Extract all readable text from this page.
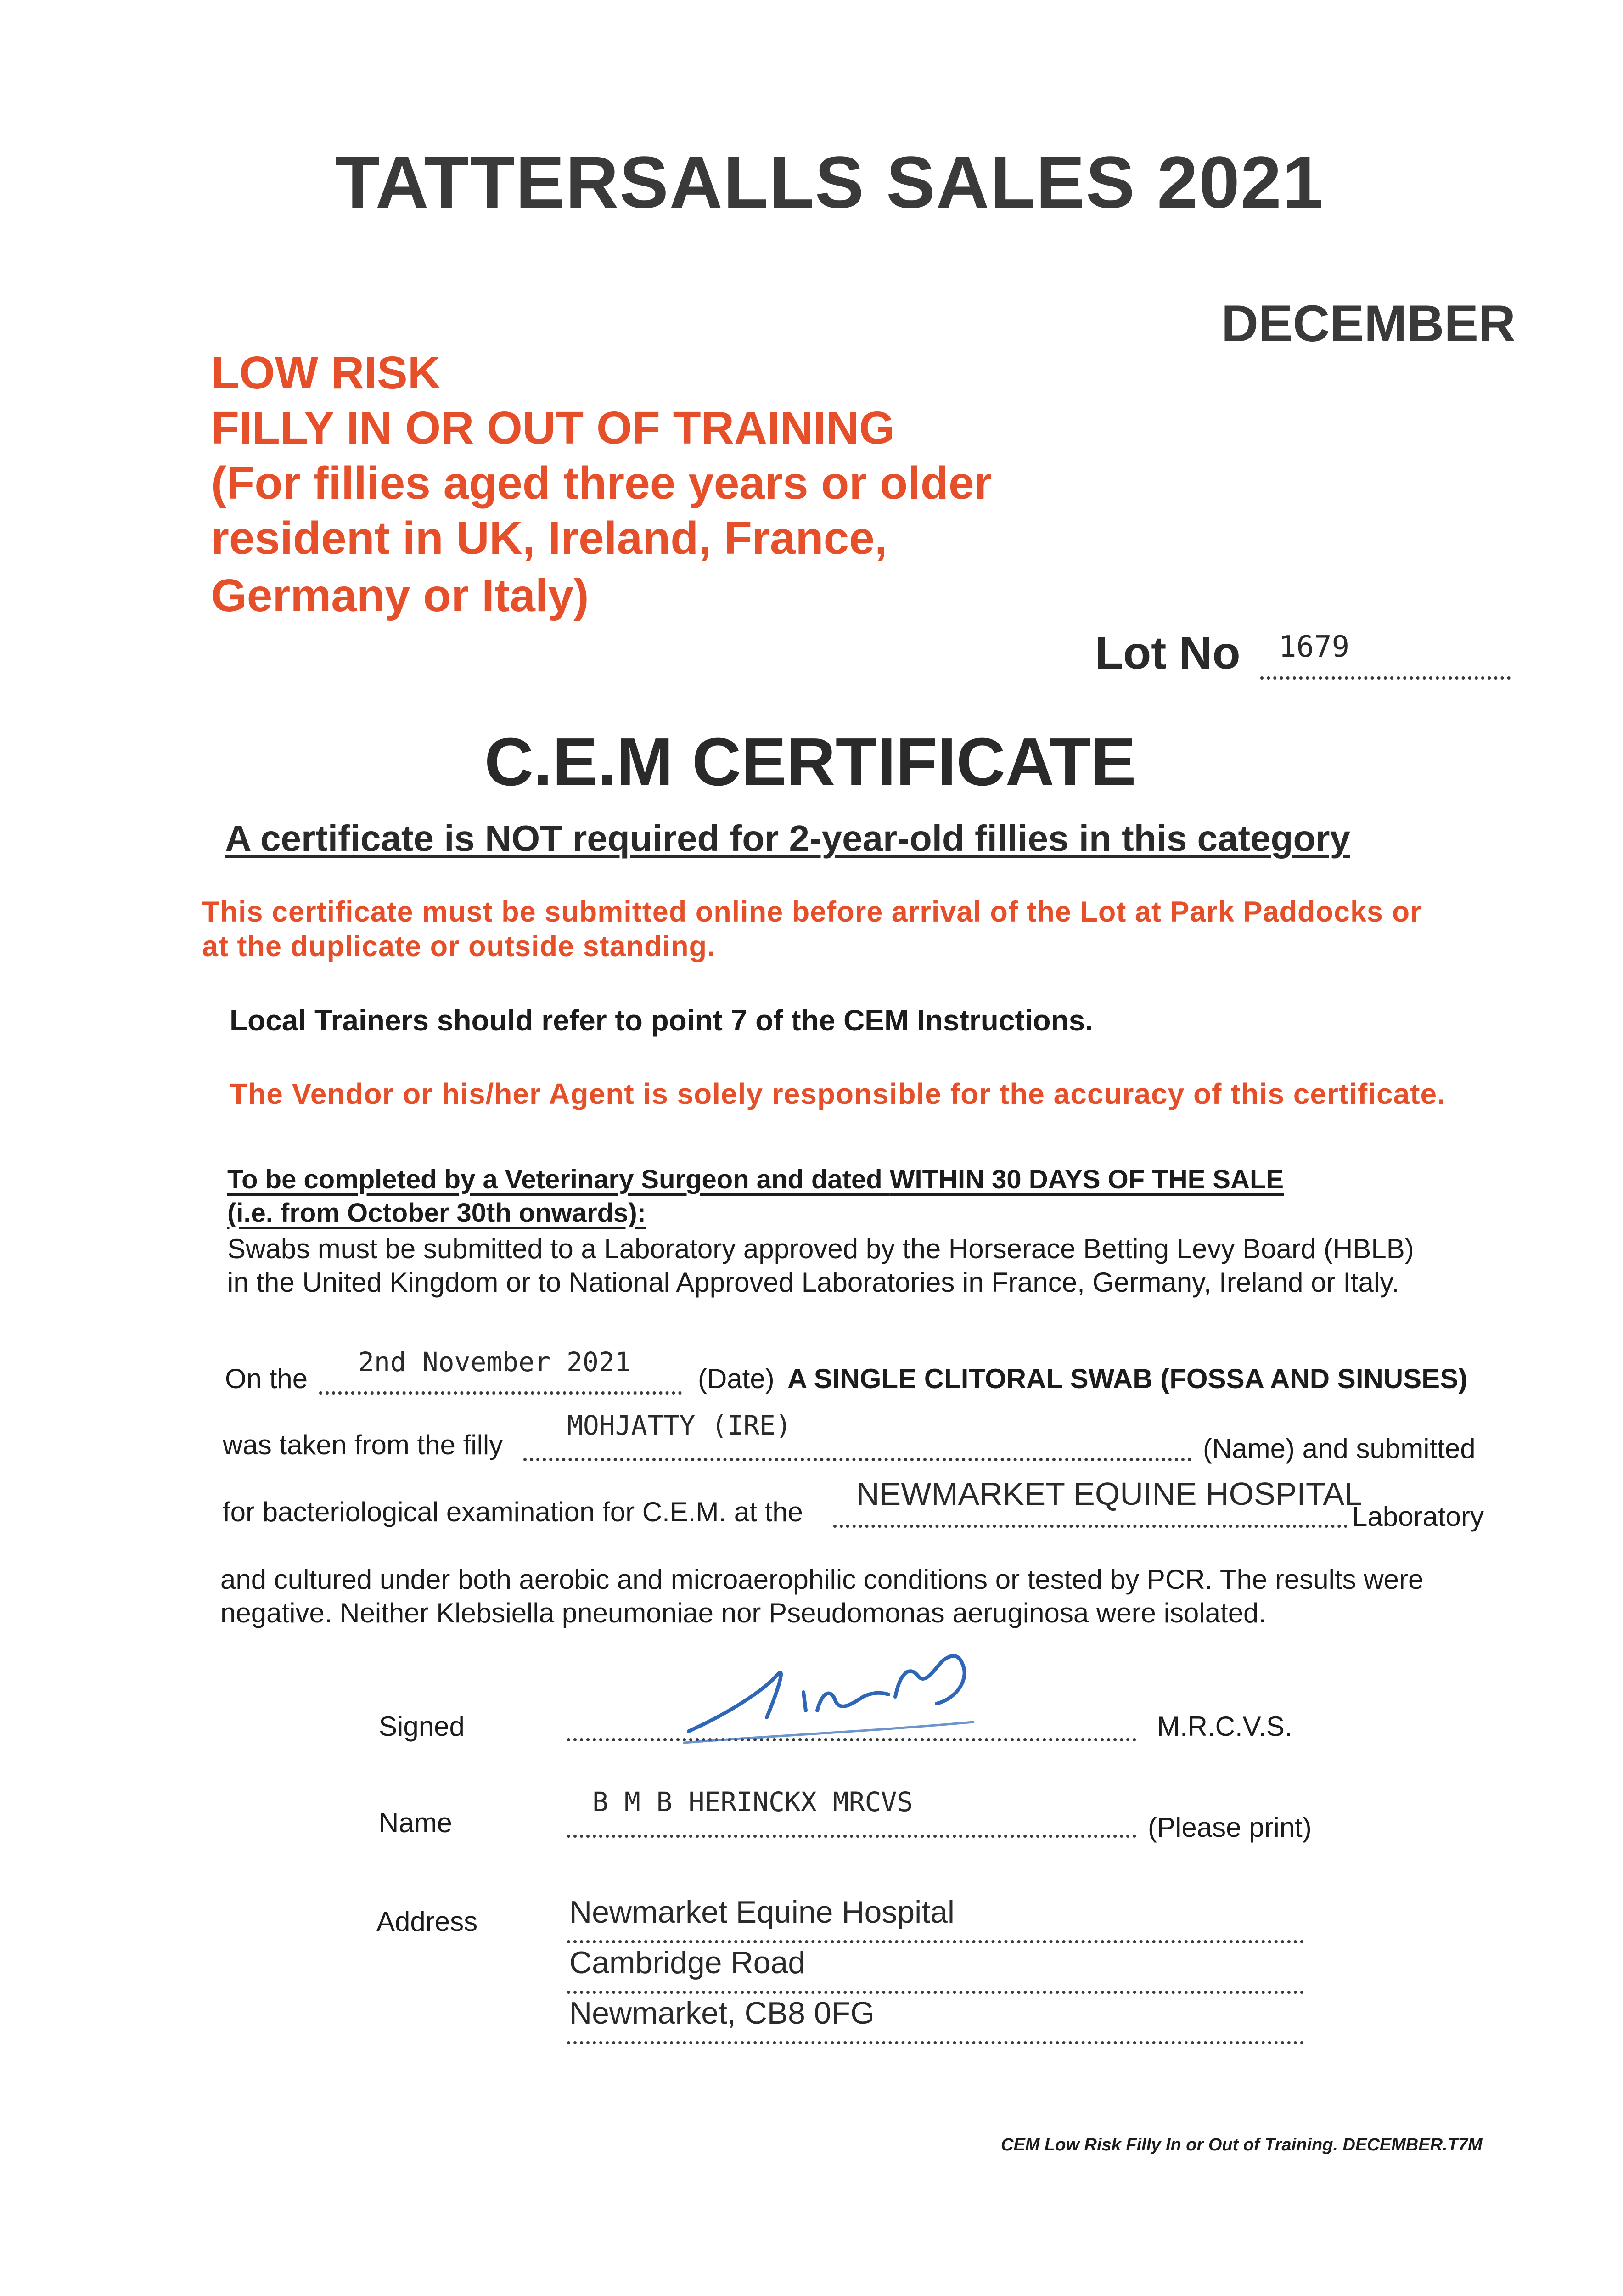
TATTERSALLS SALES 2021
DECEMBER
LOW RISK
FILLY IN OR OUT OF TRAINING
(For fillies aged three years or older
resident in UK, Ireland, France,
Germany or Italy)
Lot No 1679
C.E.M CERTIFICATE
A certificate is NOT required for 2-year-old fillies in this category
This certificate must be submitted online before arrival of the Lot at Park Paddocks or
at the duplicate or outside standing.
Local Trainers should refer to point 7 of the CEM Instructions.
The Vendor or his/her Agent is solely responsible for the accuracy of this certificate.
To be completed by a Veterinary Surgeon and dated WITHIN 30 DAYS OF THE SALE
(i.e. from October 30th onwards):
Swabs must be submitted to a Laboratory approved by the Horserace Betting Levy Board (HBLB)
in the United Kingdom or to National Approved Laboratories in France, Germany, Ireland or Italy.
On the
2nd November 2021
(Date) A SINGLE CLITORAL SWAB (FOSSA AND SINUSES)
was taken from the filly
MOHJATTY (IRE)
(Name) and submitted
for bacteriological examination for C.E.M. at the
NEWMARKET EQUINE HOSPITAL
Laboratory
and cultured under both aerobic and microaerophilic conditions or tested by PCR. The results were
negative. Neither Klebsiella pneumoniae nor Pseudomonas aeruginosa were isolated.
Signed	M.R.C.V.S.
Name
B M B HERINCKX MRCVS
(Please print)
Address	Newmarket Equine Hospital
Cambridge Road
Newmarket, CB8 0FG
CEM Low Risk Filly In or Out of Training. DECEMBER.T7M
